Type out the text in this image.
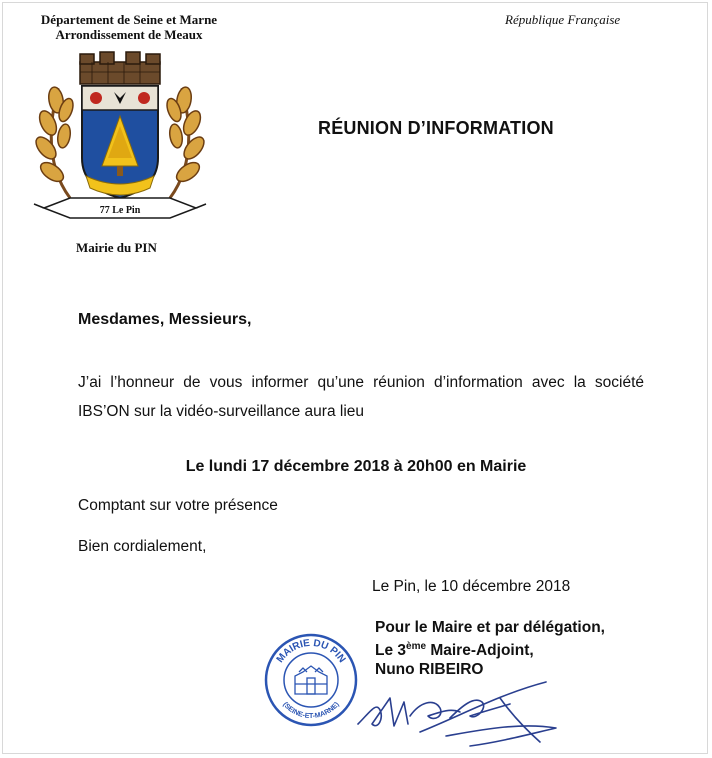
Département de Seine et Marne
Arrondissement de Meaux
République Française
77 Le Pin
Mairie du PIN
RÉUNION D’INFORMATION
Mesdames, Messieurs,
J’ai l’honneur de vous informer qu’une réunion d’information avec la société IBS’ON sur la vidéo-surveillance aura lieu
Le lundi 17 décembre 2018 à 20h00 en Mairie
Comptant sur votre présence
Bien cordialement,
Le Pin, le 10 décembre 2018
Pour le Maire et par délégation,
Le 3ème Maire-Adjoint,
Nuno RIBEIRO
MAIRIE DU PIN
(SEINE-ET-MARNE)
